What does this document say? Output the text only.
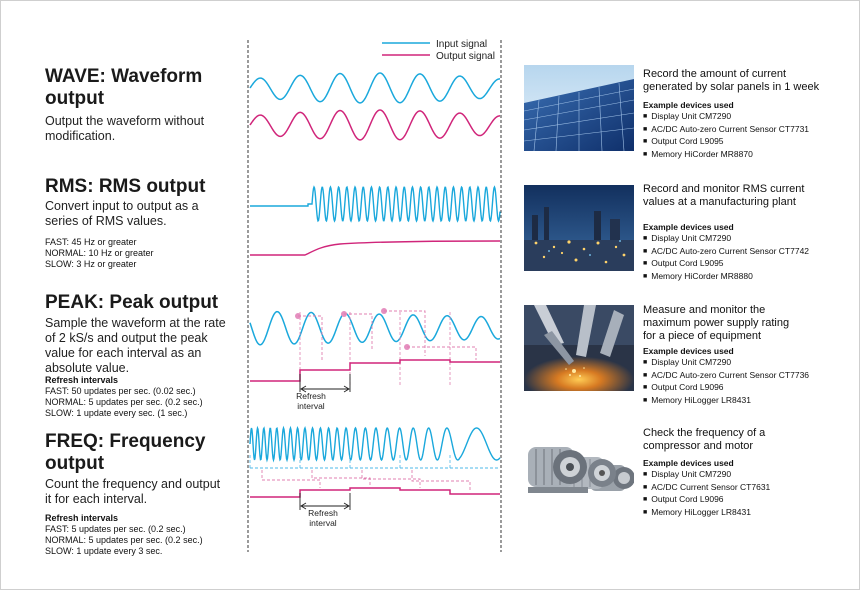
WAVE: Waveform
output
Output the waveform without
modification.
RMS: RMS output
Convert input to output as a
series of RMS values.
FAST: 45 Hz or greater
NORMAL: 10 Hz or greater
SLOW: 3 Hz or greater
PEAK: Peak output
Sample the waveform at the rate
of 2 kS/s and output the peak
value for each interval as an
absolute value.
Refresh intervals
FAST: 50 updates per sec. (0.02 sec.)
NORMAL: 5 updates per sec. (0.2 sec.)
SLOW: 1 update every sec. (1 sec.)
FREQ: Frequency
output
Count the frequency and output
it for each interval.
Refresh intervals
FAST: 5 updates per sec. (0.2 sec.)
NORMAL: 5 updates per sec. (0.2 sec.)
SLOW: 1 update every 3 sec.
Input signal
Output signal
Refresh
interval
Refresh
interval
Record the amount of current
generated by solar panels in 1 week
Example devices used
■ Display Unit CM7290
■ AC/DC Auto-zero Current Sensor CT7731
■ Output Cord L9095
■ Memory HiCorder MR8870
Record and monitor RMS current
values at a manufacturing plant
Example devices used
■ Display Unit CM7290
■ AC/DC Auto-zero Current Sensor CT7742
■ Output Cord L9095
■ Memory HiCorder MR8880
Measure and monitor the
maximum power supply rating
for a piece of equipment
Example devices used
■ Display Unit CM7290
■ AC/DC Auto-zero Current Sensor CT7736
■ Output Cord L9096
■ Memory HiLogger LR8431
Check the frequency of a
compressor and motor
Example devices used
■ Display Unit CM7290
■ AC/DC Current Sensor CT7631
■ Output Cord L9096
■ Memory HiLogger LR8431
